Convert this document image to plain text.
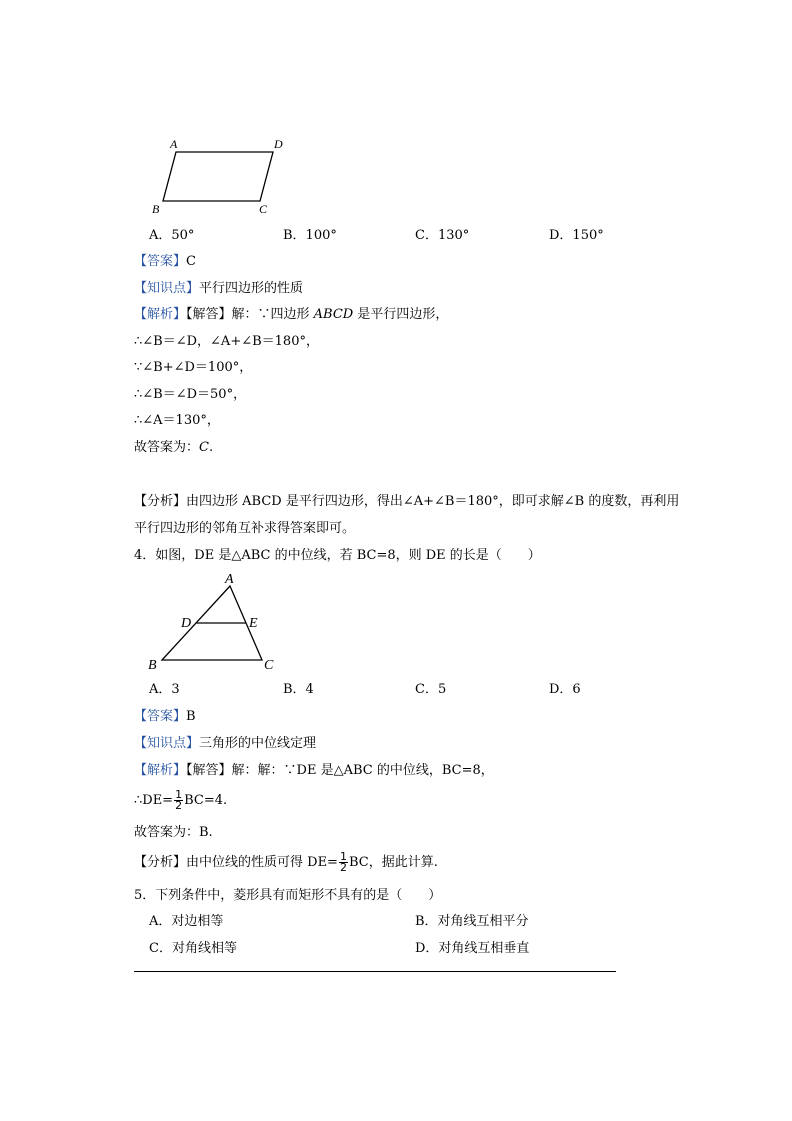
A	D
B	C
A．50°	B．100°	C．130°	D．150°
【答案】C
【知识点】平行四边形的性质
【解析】【解答】解：∵四边形 ABCD 是平行四边形，
∴∠B＝∠D，∠A+∠B＝180°，
∵∠B+∠D＝100°，
∴∠B＝∠D＝50°，
∴∠A＝130°，
故答案为：C.
【分析】由四边形 ABCD 是平行四边形，得出∠A+∠B＝180°，即可求解∠B 的度数，再利用
平行四边形的邻角互补求得答案即可。
4．如图，DE 是△ABC 的中位线，若 BC=8，则 DE 的长是（　　）
A
D	E
B	C
A．3	B．4	C．5	D．6
【答案】B
【知识点】三角形的中位线定理
【解析】【解答】解：解：∵DE 是△ABC 的中位线，BC=8，
∴DE= $\frac{1}{2} BC=4$.
故答案为：B.
【分析】由中位线的性质可得 $DE= \frac{1}{2}$ BC，据此计算.
5．下列条件中，菱形具有而矩形不具有的是（　　）
A．对边相等	B．对角线互相平分
C．对角线相等	D．对角线互相垂直
